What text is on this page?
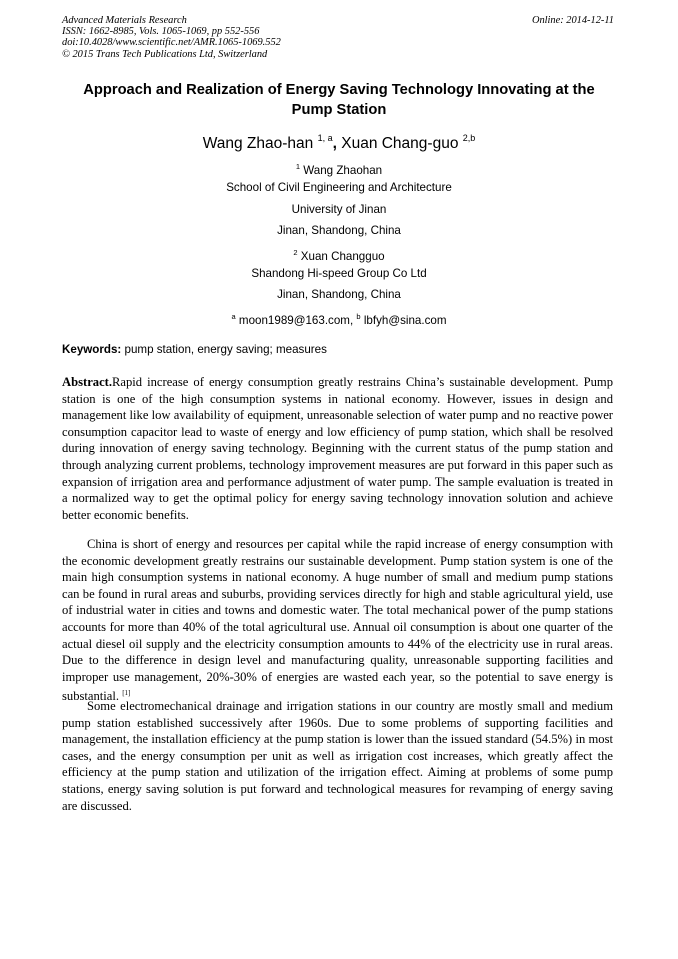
Advanced Materials Research
ISSN: 1662-8985, Vols. 1065-1069, pp 552-556
doi:10.4028/www.scientific.net/AMR.1065-1069.552
© 2015 Trans Tech Publications Ltd, Switzerland
Online: 2014-12-11
Approach and Realization of Energy Saving Technology Innovating at the Pump Station
Wang Zhao-han $^{1, a}$, Xuan Chang-guo $^{2,b}$
$^1$ Wang Zhaohan
School of Civil Engineering and Architecture
University of Jinan
Jinan, Shandong, China
$^2$ Xuan Changguo
Shandong Hi-speed Group Co Ltd
Jinan, Shandong, China
$^a$ moon1989@163.com, $^b$ lbfyh@sina.com
Keywords: pump station, energy saving; measures

Abstract.Rapid increase of energy consumption greatly restrains China’s sustainable development. Pump station is one of the high consumption systems in national economy. However, issues in design and management like low availability of equipment, unreasonable selection of water pump and no reactive power consumption capacitor lead to waste of energy and low efficiency of pump station, which shall be resolved during innovation of energy saving technology. Beginning with the current status of the pump station and through analyzing current problems, technology improvement measures are put forward in this paper such as expansion of irrigation area and performance adjustment of water pump. The sample evaluation is treated in a normalized way to get the optimal policy for energy saving technology innovation solution and achieve better economic benefits.

China is short of energy and resources per capital while the rapid increase of energy consumption with the economic development greatly restrains our sustainable development. Pump station system is one of the main high consumption systems in national economy. A huge number of small and medium pump stations can be found in rural areas and suburbs, providing services directly for high and stable agricultural yield, use of industrial water in cities and towns and domestic water. The total mechanical power of the pump stations accounts for more than 40% of the total agricultural use. Annual oil consumption is about one quarter of the actual diesel oil supply and the electricity consumption amounts to 44% of the electricity use in rural areas. Due to the difference in design level and manufacturing quality, unreasonable supporting facilities and improper use management, 20%-30% of energies are wasted each year, so the potential to save energy is substantial. [1]

Some electromechanical drainage and irrigation stations in our country are mostly small and medium pump station established successively after 1960s. Due to some problems of supporting facilities and management, the installation efficiency at the pump station is lower than the issued standard (54.5%) in most cases, and the energy consumption per unit as well as irrigation cost increases, which greatly affect the efficiency at the pump station and utilization of the irrigation effect. Aiming at problems of some pump stations, energy saving solution is put forward and technological measures for revamping of energy saving are discussed.
